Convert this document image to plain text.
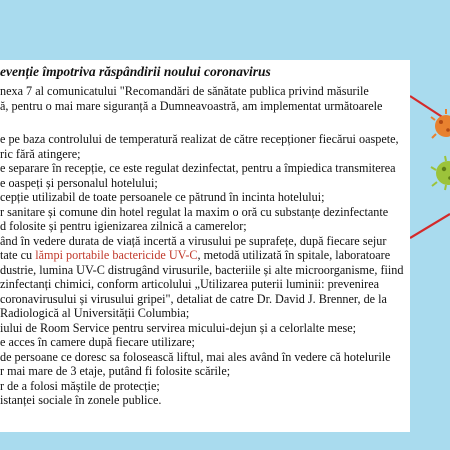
evenție împotriva răspândirii noului coronavirus
nexa 7 al comunicatului "Recomandări de sănătate publica privind măsurile
ă, pentru o mai mare siguranță a Dumneavoastră, am implementat următoarele
e pe baza controlului de temperatură realizat de către recepționer fiecărui oaspete,
ric fără atingere;
e separare în recepție, ce este regulat dezinfectat, pentru a împiedica transmiterea
e oaspeți și personalul hotelului;
cepție utilizabil de toate persoanele ce pătrund în incinta hotelului;
r sanitare și comune din hotel regulat la maxim o oră cu substanțe dezinfectante
d folosite și pentru igienizarea zilnică a camerelor;
ând în vedere durata de viață incertă a virusului pe suprafețe, după fiecare sejur
tate cu lămpi portabile bactericide UV-C, metodă utilizată în spitale, laboratoare
dustrie, lumina UV-C distrugând virusurile, bacteriile și alte microorganisme, fiind
zinfectanți chimici, conform articolului „Utilizarea puterii luminii: prevenirea
coronavirusului și virusului gripei", detaliat de catre Dr. David J. Brenner, de la
Radiologică al Universității Columbia;
iului de Room Service pentru servirea micului-dejun și a celorlalte mese;
e acces în camere după fiecare utilizare;
de persoane ce doresc sa folosească liftul, mai ales având în vedere că hotelurile
r mai mare de 3 etaje, putând fi folosite scările;
r de a folosi măștile de protecție;
istanței sociale în zonele publice.
